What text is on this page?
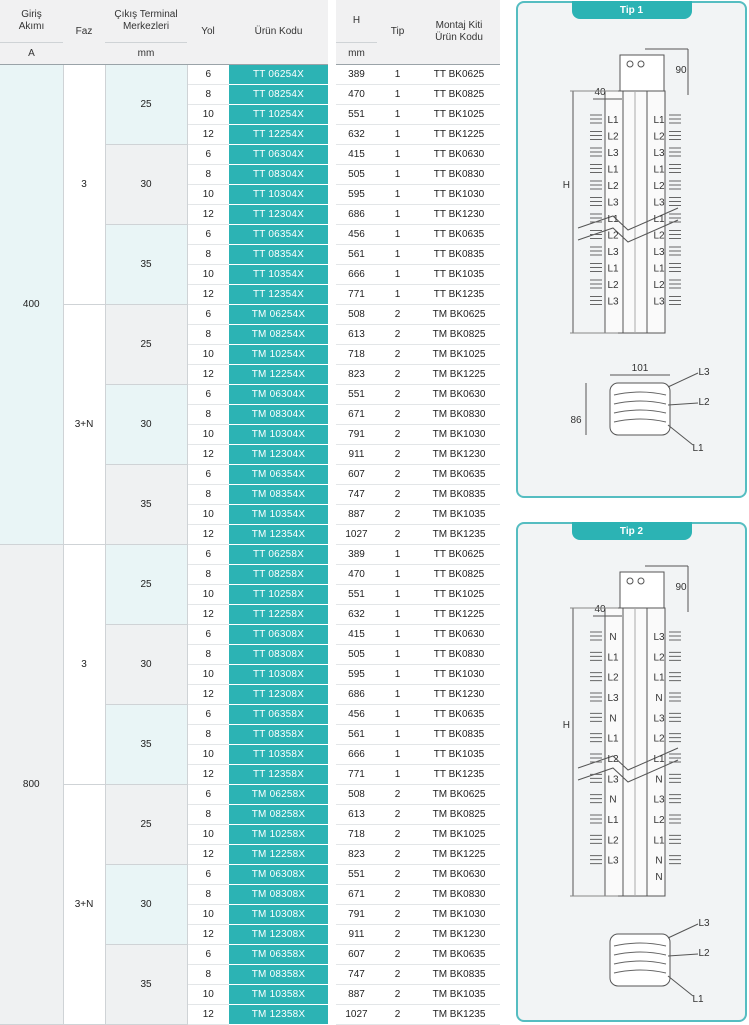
Giriş
Akımı	Faz	Çıkış Terminal
Merkezleri	Yol	Ürün Kodu		H	Tip	Montaj Kiti
Ürün Kodu
A		mm				mm		
400	3	25	6	TT 06254X		389	1	TT BK0625
			8	TT 08254X		470	1	TT BK0825
			10	TT 10254X		551	1	TT BK1025
			12	TT 12254X		632	1	TT BK1225
		30	6	TT 06304X		415	1	TT BK0630
			8	TT 08304X		505	1	TT BK0830
			10	TT 10304X		595	1	TT BK1030
			12	TT 12304X		686	1	TT BK1230
		35	6	TT 06354X		456	1	TT BK0635
			8	TT 08354X		561	1	TT BK0835
			10	TT 10354X		666	1	TT BK1035
			12	TT 12354X		771	1	TT BK1235
	3+N	25	6	TM 06254X		508	2	TM BK0625
			8	TM 08254X		613	2	TM BK0825
			10	TM 10254X		718	2	TM BK1025
			12	TM 12254X		823	2	TM BK1225
		30	6	TM 06304X		551	2	TM BK0630
			8	TM 08304X		671	2	TM BK0830
			10	TM 10304X		791	2	TM BK1030
			12	TM 12304X		911	2	TM BK1230
		35	6	TM 06354X		607	2	TM BK0635
			8	TM 08354X		747	2	TM BK0835
			10	TM 10354X		887	2	TM BK1035
			12	TM 12354X		1027	2	TM BK1235
800	3	25	6	TT 06258X		389	1	TT BK0625
			8	TT 08258X		470	1	TT BK0825
			10	TT 10258X		551	1	TT BK1025
			12	TT 12258X		632	1	TT BK1225
		30	6	TT 06308X		415	1	TT BK0630
			8	TT 08308X		505	1	TT BK0830
			10	TT 10308X		595	1	TT BK1030
			12	TT 12308X		686	1	TT BK1230
		35	6	TT 06358X		456	1	TT BK0635
			8	TT 08358X		561	1	TT BK0835
			10	TT 10358X		666	1	TT BK1035
			12	TT 12358X		771	1	TT BK1235
	3+N	25	6	TM 06258X		508	2	TM BK0625
			8	TM 08258X		613	2	TM BK0825
			10	TM 10258X		718	2	TM BK1025
			12	TM 12258X		823	2	TM BK1225
		30	6	TM 06308X		551	2	TM BK0630
			8	TM 08308X		671	2	TM BK0830
			10	TM 10308X		791	2	TM BK1030
			12	TM 12308X		911	2	TM BK1230
		35	6	TM 06358X		607	2	TM BK0635
			8	TM 08358X		747	2	TM BK0835
			10	TM 10358X		887	2	TM BK1035
			12	TM 12358X		1027	2	TM BK1235
Tip 1
90
40
H
L1	L1
L2	L2
L3	L3
L1	L1
L2	L2
L3	L3
L1	L1
L2	L2
L3	L3
L1	L1
L2	L2
L3	L3
101
86
L3
L2
L1
Tip 2
90
40
H
N	L3
L1	L2
L2	L1
L3	N
N	L3
L1	L2
L2	L1
L3	N
N	L3
L1	L2
L2	L1
L3	N
N
L3
L2
L1
